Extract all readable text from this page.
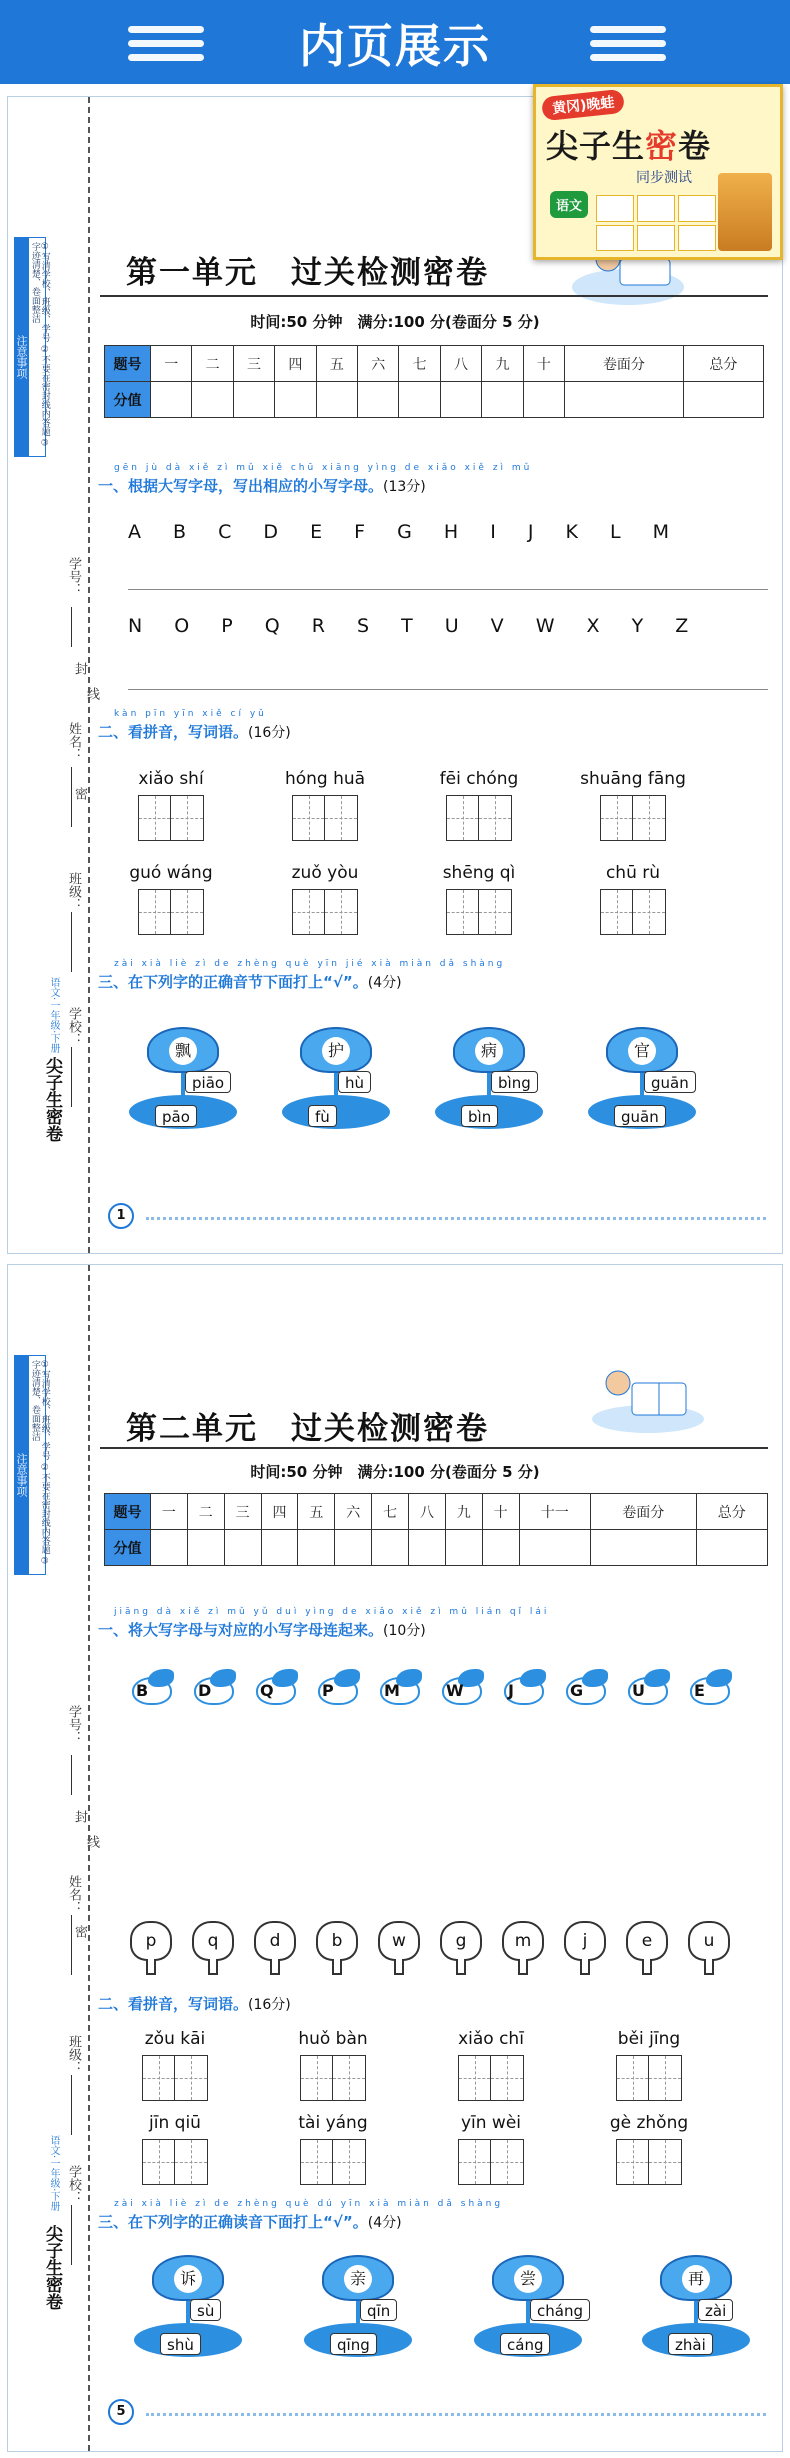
内页展示
注意事项	①写清学校、班级、学号 ②不要在密封线内答题 ③字迹清楚、卷面整洁
学号：
封
线
密
姓名：
班级：
学校：
语文·一年级·下册
尖子生密卷
第一单元　过关检测密卷
时间:50 分钟　满分:100 分(卷面分 5 分)
题号	一	二	三	四	五	六	七	八	九	十	卷面分	总分
分值												
gēn jù dà xiě zì mǔ xiě chū xiāng yìng de xiǎo xiě zì mǔ
一、根据大写字母，写出相应的小写字母。(13分)
A B C D E F G H I J K L M
N O P Q R S T U V W X Y Z
kàn pīn yīn xiě cí yǔ
二、看拼音，写词语。(16分)
xiǎo shí	hóng huā	fēi chóng	shuāng fāng
guó wáng	zuǒ yòu	shēng qì	chū rù
zài xià liè zì de zhèng què yīn jié xià miàn dǎ shàng
三、在下列字的正确音节下面打上“√”。(4分)
飘
piāo
pāo
护
hù
fù
病
bìng
bìn
官
guān
guān
1
黄冈)晚蛙
尖子生密卷
同步测试
语文
注意事项	①写清学校、班级、学号 ②不要在密封线内答题 ③字迹清楚、卷面整洁
学号：
封
线
密
姓名：
班级：
学校：
语文·一年级·下册
尖子生密卷
第二单元　过关检测密卷
时间:50 分钟　满分:100 分(卷面分 5 分)
题号	一	二	三	四	五	六	七	八	九	十	十一	卷面分	总分
分值													
jiāng dà xiě zì mǔ yǔ duì yìng de xiǎo xiě zì mǔ lián qǐ lái
一、将大写字母与对应的小写字母连起来。(10分)
B	D	Q	P	M	W	J	G	U	E
p	q	d	b	w	g	m	j	e	u
二、看拼音，写词语。(16分)
zǒu kāi	huǒ bàn	xiǎo chī	běi jīng
jīn qiū	tài yáng	yīn wèi	gè zhǒng
zài xià liè zì de zhèng què dú yīn xià miàn dǎ shàng
三、在下列字的正确读音下面打上“√”。(4分)
诉
sù
shù
亲
qīn
qīng
尝
cháng
cáng
再
zài
zhài
5
